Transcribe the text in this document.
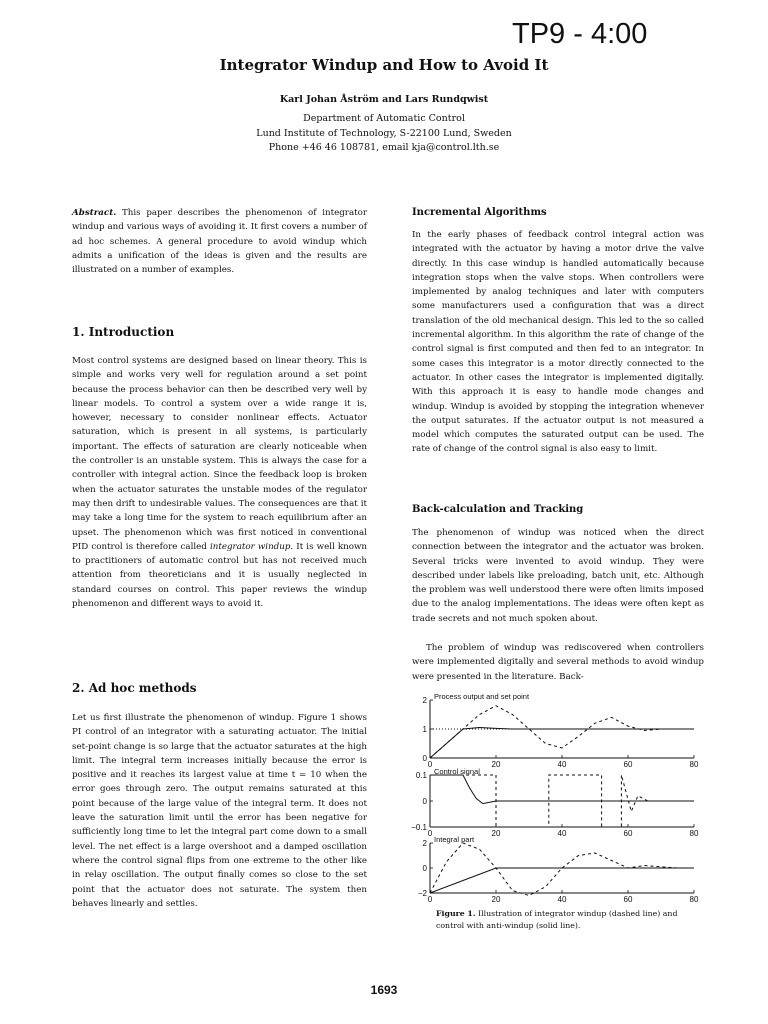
TP9 - 4:00
Integrator Windup and How to Avoid It
Karl Johan Åström and Lars Rundqwist
Department of Automatic Control
Lund Institute of Technology, S-22100 Lund, Sweden
Phone +46 46 108781, email kja@control.lth.se

Abstract. This paper describes the phenomenon of integrator windup and various ways of avoiding it. It first covers a number of ad hoc schemes. A general procedure to avoid windup which admits a unification of the ideas is given and the results are illustrated on a number of examples.

1. Introduction

Most control systems are designed based on linear theory. This is simple and works very well for regulation around a set point because the process behavior can then be described very well by linear models. To control a system over a wide range it is, however, necessary to consider nonlinear effects. Actuator saturation, which is present in all systems, is particularly important. The effects of saturation are clearly noticeable when the controller is an unstable system. This is always the case for a controller with integral action. Since the feedback loop is broken when the actuator saturates the unstable modes of the regulator may then drift to undesirable values. The consequences are that it may take a long time for the system to reach equilibrium after an upset. The phenomenon which was first noticed in conventional PID control is therefore called integrator windup. It is well known to practitioners of automatic control but has not received much attention from theoreticians and it is usually neglected in standard courses on control. This paper reviews the windup phenomenon and different ways to avoid it.

2. Ad hoc methods

Let us first illustrate the phenomenon of windup. Figure 1 shows PI control of an integrator with a saturating actuator. The initial set-point change is so large that the actuator saturates at the high limit. The integral term increases initially because the error is positive and it reaches its largest value at time t = 10 when the error goes through zero. The output remains saturated at this point because of the large value of the integral term. It does not leave the saturation limit until the error has been negative for sufficiently long time to let the integral part come down to a small level. The net effect is a large overshoot and a damped oscillation where the control signal flips from one extreme to the other like in relay oscillation. The output finally comes so close to the set point that the actuator does not saturate. The system then behaves linearly and settles.

Incremental Algorithms

In the early phases of feedback control integral action was integrated with the actuator by having a motor drive the valve directly. In this case windup is handled automatically because integration stops when the valve stops. When controllers were implemented by analog techniques and later with computers some manufacturers used a configuration that was a direct translation of the old mechanical design. This led to the so called incremental algorithm. In this algorithm the rate of change of the control signal is first computed and then fed to an integrator. In some cases this integrator is a motor directly connected to the actuator. In other cases the integrator is implemented digitally. With this approach it is easy to handle mode changes and windup. Windup is avoided by stopping the integration whenever the output saturates. If the actuator output is not measured a model which computes the saturated output can be used. The rate of change of the control signal is also easy to limit.

Back-calculation and Tracking

The phenomenon of windup was noticed when the direct connection between the integrator and the actuator was broken. Several tricks were invented to avoid windup. They were described under labels like preloading, batch unit, etc. Although the problem was well understood there were often limits imposed due to the analog implementations. The ideas were often kept as trade secrets and not much spoken about.

The problem of windup was rediscovered when controllers were implemented digitally and several methods to avoid windup were presented in the literature. Back-

0	20	40	60	80
2
1
0
Process output and set point
0	20	40	60	80
0.1
0
−0.1
Control signal
0	20	40	60	80
2
0
−2
Integral part
Figure 1. Illustration of integrator windup (dashed line) and control with anti-windup (solid line).
1693
